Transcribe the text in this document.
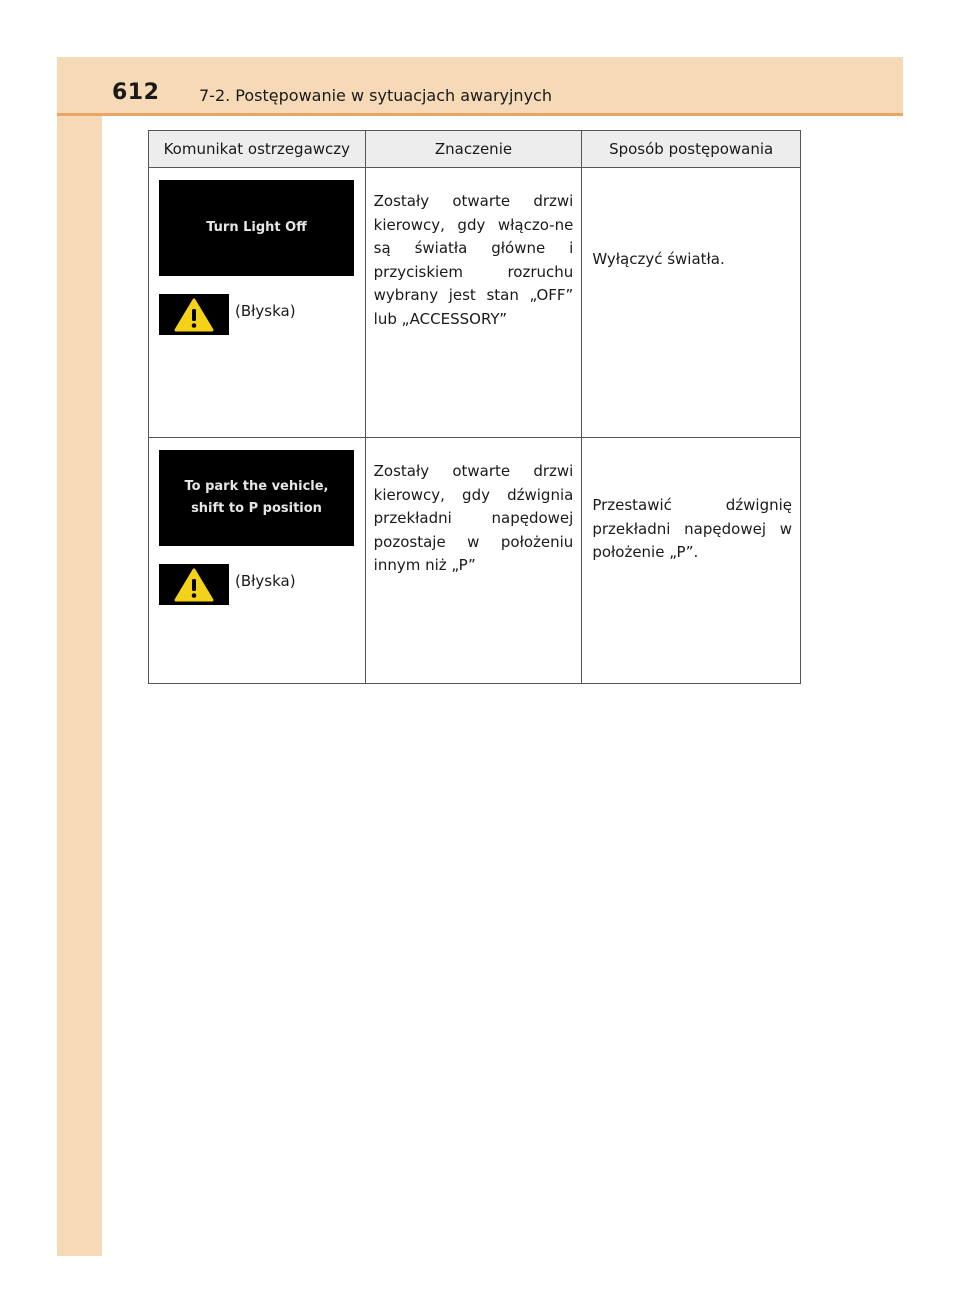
612 7-2. Postępowanie w sytuacjach awaryjnych
Komunikat ostrzegawczy	Znaczenie	Sposób postępowania

Turn Light Off
(Błyska)	Zostały otwarte drzwi kierowcy, gdy włączo-ne są światła główne i przyciskiem rozruchu wybrany jest stan „OFF” lub „ACCESSORY”	Wyłączyć światła.

To park the vehicle, shift to P position
(Błyska)	Zostały otwarte drzwi kierowcy, gdy dźwignia przekładni napędowej pozostaje w położeniu innym niż „P”	Przestawić dźwignię przekładni napędowej w położenie „P”.
